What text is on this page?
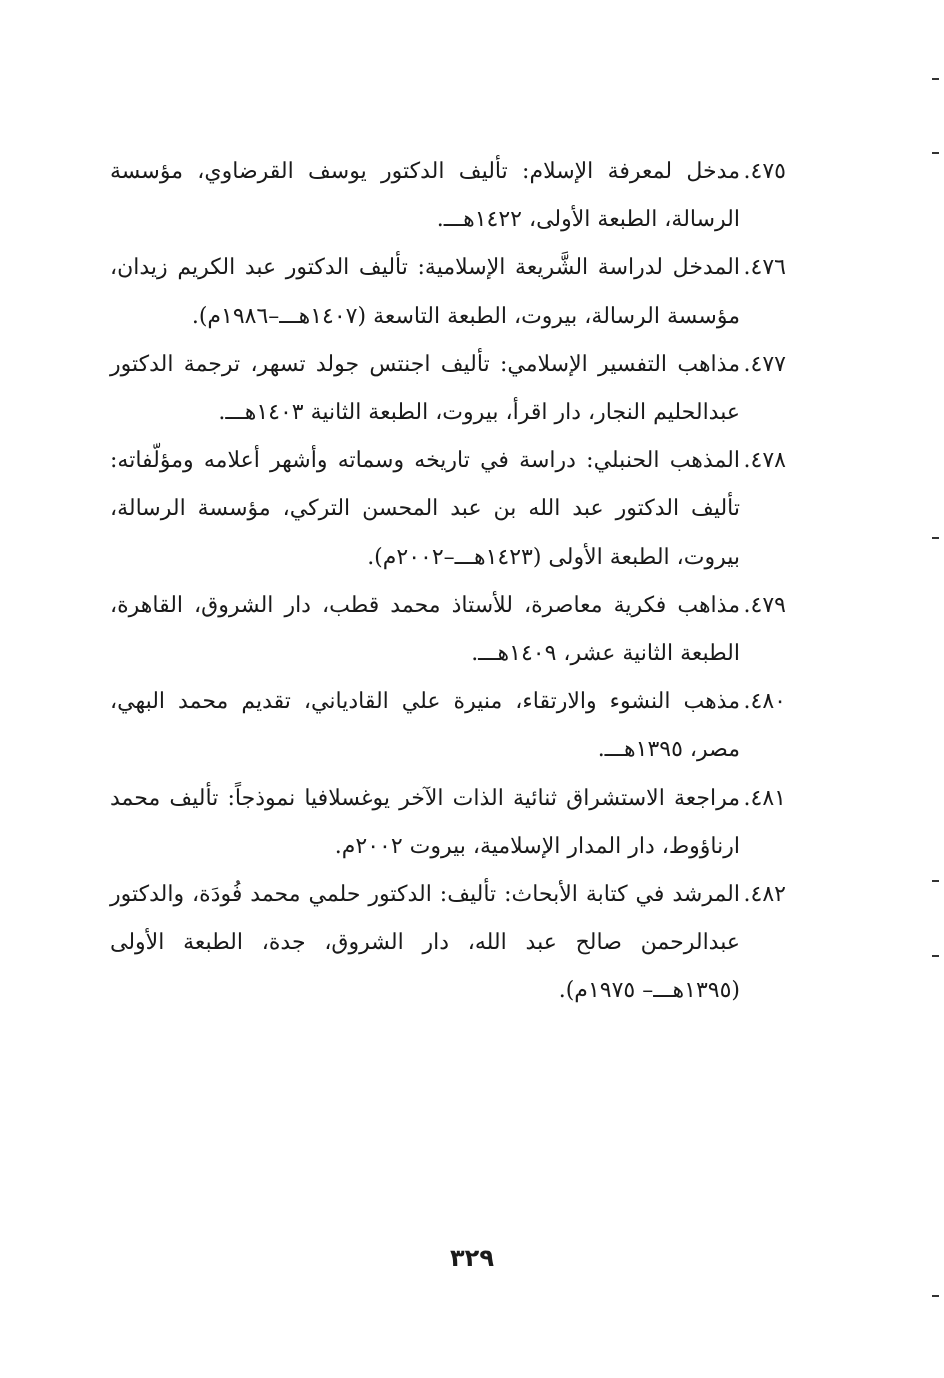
٤٧٥.
مدخل لمعرفة الإسلام: تأليف الدكتور يوسف القرضاوي، مؤسسة الرسالة، الطبعة الأولى، ١٤٢٢هـــ.

٤٧٦.
المدخل لدراسة الشَّريعة الإسلامية: تأليف الدكتور عبد الكريم زيدان، مؤسسة الرسالة، بيروت، الطبعة التاسعة (١٤٠٧هـــ–١٩٨٦م).

٤٧٧.
مذاهب التفسير الإسلامي: تأليف اجنتس جولد تسهر، ترجمة الدكتور عبدالحليم النجار، دار اقرأ، بيروت، الطبعة الثانية ١٤٠٣هـــ.

٤٧٨.
المذهب الحنبلي: دراسة في تاريخه وسماته وأشهر أعلامه ومؤلّفاته: تأليف الدكتور عبد الله بن عبد المحسن التركي، مؤسسة الرسالة، بيروت، الطبعة الأولى (١٤٢٣هـــ–٢٠٠٢م).

٤٧٩.
مذاهب فكرية معاصرة، للأستاذ محمد قطب، دار الشروق، القاهرة، الطبعة الثانية عشر، ١٤٠٩هـــ.

٤٨٠.
مذهب النشوء والارتقاء، منيرة علي القادياني، تقديم محمد البهي، مصر، ١٣٩٥هـــ.

٤٨١.
مراجعة الاستشراق ثنائية الذات الآخر يوغسلافيا نموذجاً: تأليف محمد ارناؤوط، دار المدار الإسلامية، بيروت ٢٠٠٢م.

٤٨٢.
المرشد في كتابة الأبحاث: تأليف: الدكتور حلمي محمد فُودَة، والدكتور عبدالرحمن صالح عبد الله، دار الشروق، جدة، الطبعة الأولى (١٣٩٥هـــ– ١٩٧٥م).

٣٢٩
